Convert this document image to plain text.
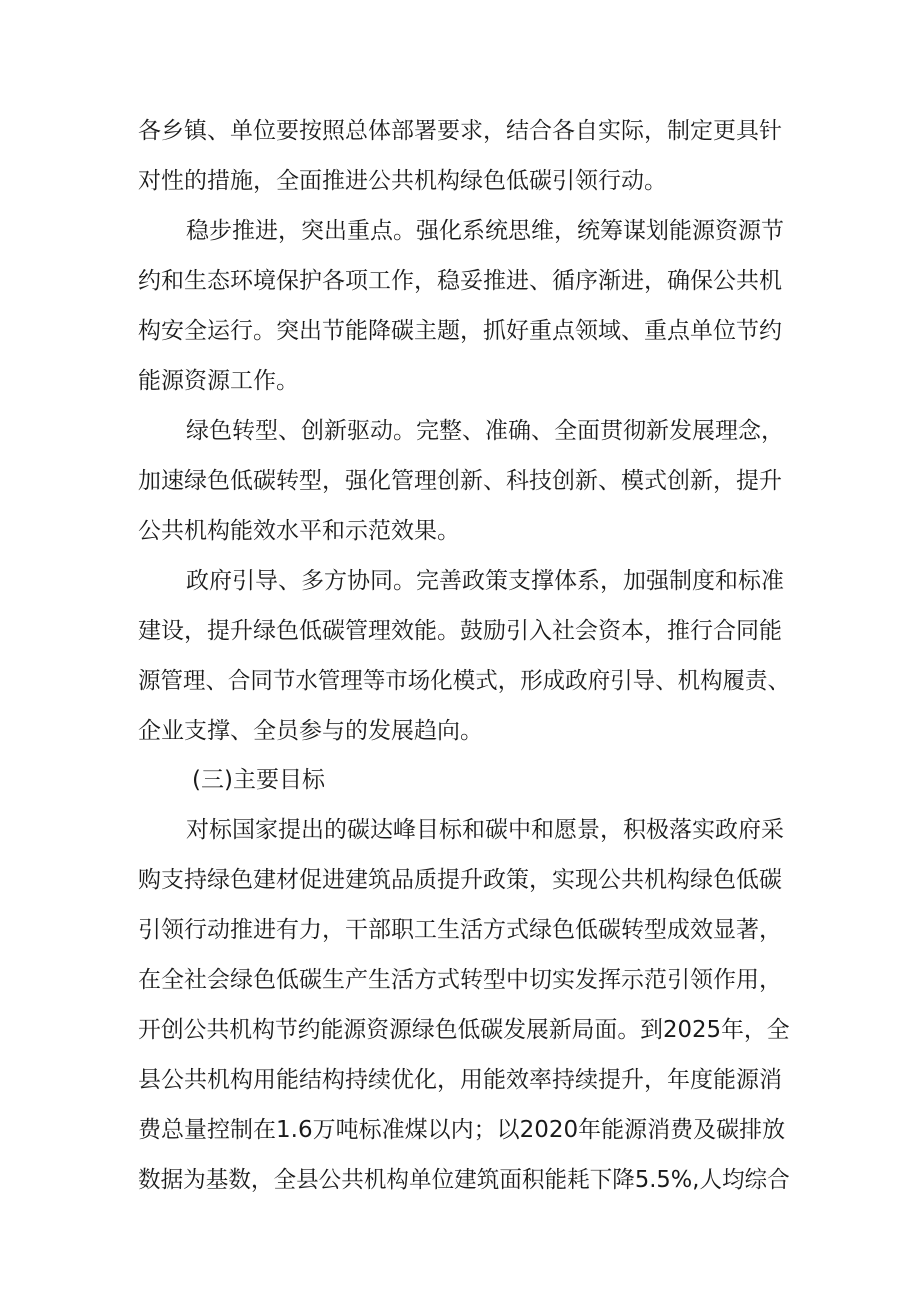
各乡镇、单位要按照总体部署要求，结合各自实际，制定更具针
对性的措施，全面推进公共机构绿色低碳引领行动。
稳步推进，突出重点。强化系统思维，统筹谋划能源资源节
约和生态环境保护各项工作，稳妥推进、循序渐进，确保公共机
构安全运行。突出节能降碳主题，抓好重点领域、重点单位节约
能源资源工作。
绿色转型、创新驱动。完整、准确、全面贯彻新发展理念，
加速绿色低碳转型，强化管理创新、科技创新、模式创新，提升
公共机构能效水平和示范效果。
政府引导、多方协同。完善政策支撑体系，加强制度和标准
建设，提升绿色低碳管理效能。鼓励引入社会资本，推行合同能
源管理、合同节水管理等市场化模式，形成政府引导、机构履责、
企业支撑、全员参与的发展趋向。
(三)主要目标
对标国家提出的碳达峰目标和碳中和愿景，积极落实政府采
购支持绿色建材促进建筑品质提升政策，实现公共机构绿色低碳
引领行动推进有力，干部职工生活方式绿色低碳转型成效显著，
在全社会绿色低碳生产生活方式转型中切实发挥示范引领作用，
开创公共机构节约能源资源绿色低碳发展新局面。到2025年，全
县公共机构用能结构持续优化，用能效率持续提升，年度能源消
费总量控制在1.6万吨标准煤以内；以2020年能源消费及碳排放
数据为基数，全县公共机构单位建筑面积能耗下降5.5%,人均综合
